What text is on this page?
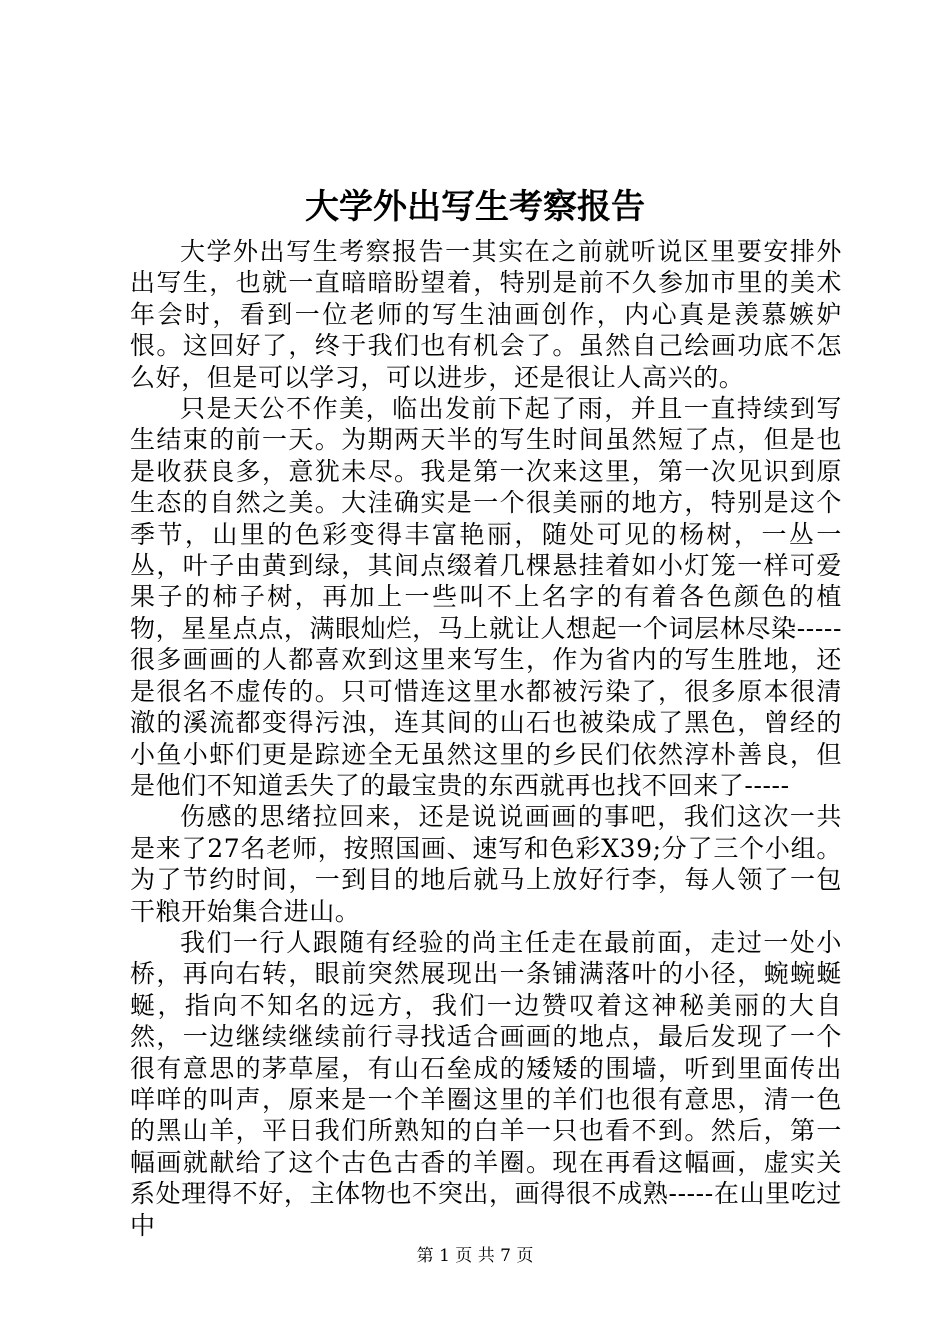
大学外出写生考察报告

大学外出写生考察报告一其实在之前就听说区里要安排外出写生，也就一直暗暗盼望着，特别是前不久参加市里的美术年会时，看到一位老师的写生油画创作，内心真是羡慕嫉妒恨。这回好了，终于我们也有机会了。虽然自己绘画功底不怎么好，但是可以学习，可以进步，还是很让人高兴的。

只是天公不作美，临出发前下起了雨，并且一直持续到写生结束的前一天。为期两天半的写生时间虽然短了点，但是也是收获良多，意犹未尽。我是第一次来这里，第一次见识到原生态的自然之美。大洼确实是一个很美丽的地方，特别是这个季节，山里的色彩变得丰富艳丽，随处可见的杨树，一丛一丛，叶子由黄到绿，其间点缀着几棵悬挂着如小灯笼一样可爱果子的柿子树，再加上一些叫不上名字的有着各色颜色的植物，星星点点，满眼灿烂，马上就让人想起一个词层林尽染-----很多画画的人都喜欢到这里来写生，作为省内的写生胜地，还是很名不虚传的。只可惜连这里水都被污染了，很多原本很清澈的溪流都变得污浊，连其间的山石也被染成了黑色，曾经的小鱼小虾们更是踪迹全无虽然这里的乡民们依然淳朴善良，但是他们不知道丢失了的最宝贵的东西就再也找不回来了-----

伤感的思绪拉回来，还是说说画画的事吧，我们这次一共是来了27名老师，按照国画、速写和色彩X39;分了三个小组。为了节约时间，一到目的地后就马上放好行李，每人领了一包干粮开始集合进山。

我们一行人跟随有经验的尚主任走在最前面，走过一处小桥，再向右转，眼前突然展现出一条铺满落叶的小径，蜿蜿蜒蜒，指向不知名的远方，我们一边赞叹着这神秘美丽的大自然，一边继续继续前行寻找适合画画的地点，最后发现了一个很有意思的茅草屋，有山石垒成的矮矮的围墙，听到里面传出咩咩的叫声，原来是一个羊圈这里的羊们也很有意思，清一色的黑山羊，平日我们所熟知的白羊一只也看不到。然后，第一幅画就献给了这个古色古香的羊圈。现在再看这幅画，虚实关系处理得不好，主体物也不突出，画得很不成熟-----在山里吃过中

第 1 页 共 7 页
